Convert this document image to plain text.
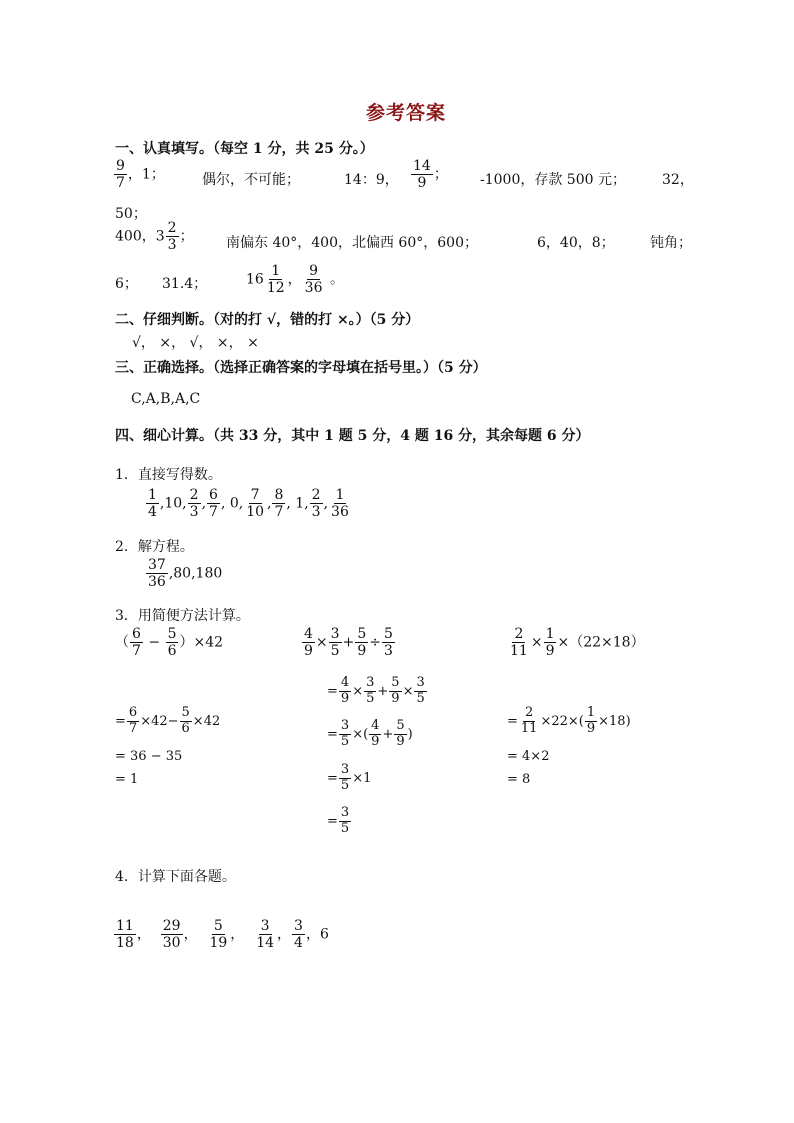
参考答案
一、认真填写。（每空 1 分，共 25 分。）
$\frac{9}{7}$ ，1；	偶尔，不可能；	14：9， $\frac{14}{9}$ ； -1000，存款 500 元；	32，
50；
400，$3 \frac{2}{3}$ ； 南偏东 40°，400，北偏西 60°，600；	6，40，8；	钝角；
6； 31.4；	$16 \frac{1}{12}$ ， $\frac{9}{36}$ 。
二、仔细判断。（对的打 √，错的打 ×。）（5 分）
√， ×， √， ×， ×
三、正确选择。（选择正确答案的字母填在括号里。）（5 分）
C,A,B,A,C
四、细心计算。（共 33 分，其中 1 题 5 分，4 题 16 分，其余每题 6 分）
1．直接写得数。
$\frac{1}{4} ,10$, $\frac{2}{3}$ , $\frac{6}{7}$ , 0, $\frac{7}{10}$ , $\frac{8}{7}$ , 1, $\frac{2}{3}$ , $\frac{1}{36}$
2．解方程。
$\frac{37}{36} ,80,180$
3．用简便方法计算。
（ $\frac{6}{7} - \frac{5}{6} )\times 42$
= $\frac{6}{7} \times 42- \frac{5}{6} \times 42$
= 36 − 35
= 1
$\frac{4}{9} \times \frac{3}{5} + \frac{5}{9} \div \frac{5}{3}$
= $\frac{4}{9} \times \frac{3}{5} + \frac{5}{9} \times \frac{3}{5}$
= $\frac{3}{5}$ ×( $\frac{4}{9} + \frac{5}{9}$ )
= $\frac{3}{5} \times 1$
= $\frac{3}{5}$
$\frac{2}{11} \times \frac{1}{9} \times(22\times 18)$
= $\frac{2}{11} \times 22\times( \frac{1}{9} \times 18)$
= 4×2
= 8
4．计算下面各题。
$\frac{11}{18}$ ， $\frac{29}{30}$ ， $\frac{5}{19}$ ， $\frac{3}{14}$ ， $\frac{3}{4}$ ，6
